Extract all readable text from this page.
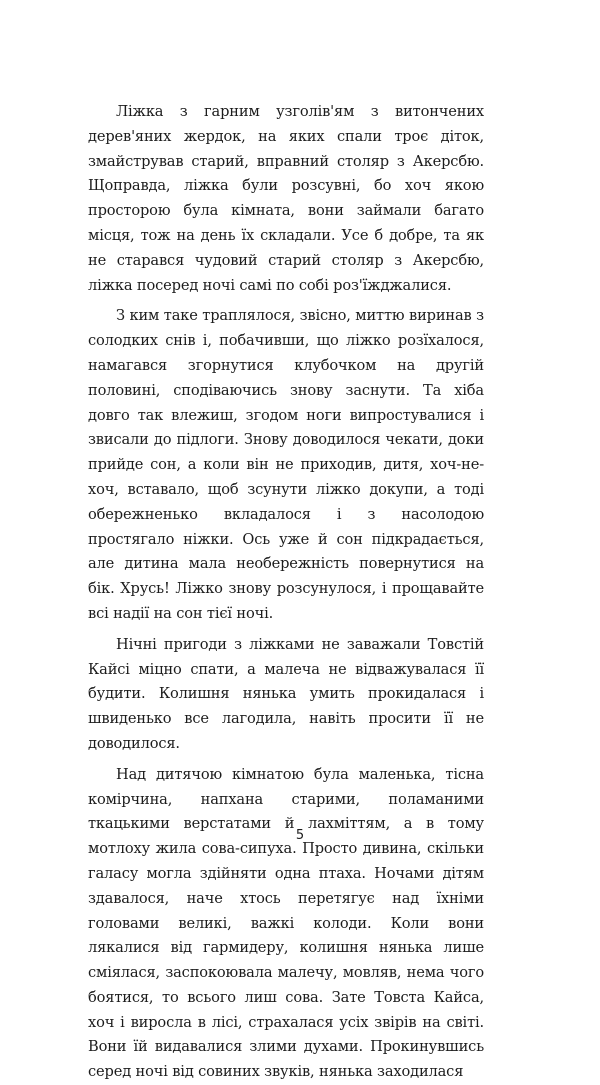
Ліжка з гарним узголів'ям з витончених дерев'яних жердок, на яких спали троє діток, змайстрував старий, вправний столяр з Акерсбю. Щоправда, ліжка були розсувні, бо хоч якою просторою була кімната, вони займали багато місця, тож на день їх складали. Усе б добре, та як не старався чудовий старий столяр з Акерсбю, ліжка посеред ночі самі по собі роз'їжджалися.

З ким таке траплялося, звісно, миттю виринав з солодких снів і, побачивши, що ліжко розїхалося, намагався згорнутися клубочком на другій половині, сподіваючись знову заснути. Та хіба довго так влежиш, згодом ноги випростувалися і звисали до підлоги. Знову доводилося чекати, доки прийде сон, а коли він не приходив, дитя, хоч-не-хоч, вставало, щоб зсунути ліжко докупи, а тоді обережненько вкладалося і з насолодою простягало ніжки. Ось уже й сон підкрадається, але дитина мала необережність повернутися на бік. Хрусь! Ліжко знову розсунулося, і прощавайте всі надії на сон тієї ночі.

Нічні пригоди з ліжками не заважали Товстій Кайсі міцно спати, а малеча не відважувалася її будити. Колишня нянька умить прокидалася і швиденько все лагодила, навіть просити її не доводилося.

Над дитячою кімнатою була маленька, тісна комірчина, напхана старими, поламаними ткацькими верстатами й лахміттям, а в тому мотлоху жила сова-сипуха. Просто дивина, скільки галасу могла здійняти одна птаха. Ночами дітям здавалося, наче хтось перетягує над їхніми головами великі, важкі колоди. Коли вони лякалися від гармидеру, колишня нянька лише сміялася, заспокоювала малечу, мовляв, нема чого боятися, то всього лиш сова. Зате Товста Кайса, хоч і виросла в лісі, страхалася усіх звірів на світі. Вони їй видавалися злими духами. Прокинувшись серед ночі від совиних звуків, нянька заходилася

5
